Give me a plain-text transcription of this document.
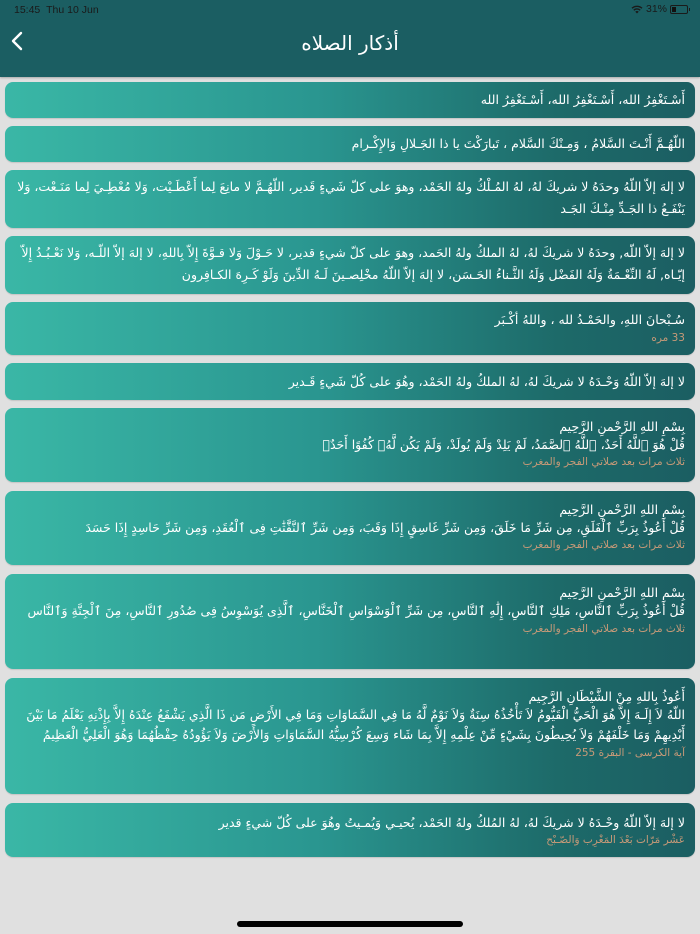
15:45 Thu 10 Jun	31%
أذكار الصلاه
أَسْـتَغْفِرُ الله، أَسْـتَغْفِرُ الله، أَسْـتَغْفِرُ الله
اللّهُـمَّ أَنْـتَ السَّلامُ ، وَمِـنْكَ السَّلام ، تَبارَكْتَ يا ذا الجَـلالِ وَالإِكْـرام
لا إلهَ إلاّ اللّهُ وحدَهُ لا شريكَ لهُ، لهُ المُـلْكُ ولهُ الحَمْد، وهوَ على كلّ شَيءٍ قَدير، اللّهُـمَّ لا مانِعَ لِما أَعْطَـيْت، وَلا مُعْطِـيَ لِما مَنَـعْت، وَلا يَنْفَـعُ ذا الجَـدِّ مِنْـكَ الجَـد
لا إلهَ إلاّ اللّه, وحدَهُ لا شريكَ لهُ، لهُ الملكُ ولهُ الحَمد، وهوَ على كلّ شيءٍ قدير، لا حَـوْلَ وَلا قـوَّةَ إِلاّ بِاللهِ، لا إلهَ إلاّ اللّـه، وَلا نَعْـبُـدُ إِلاّ إيّـاه, لَهُ النِّعْـمَةُ وَلَهُ الفَضْل وَلَهُ الثَّـناءُ الحَـسَن، لا إلهَ إلاّ اللّهُ مخْلِصـينَ لَـهُ الدِّينَ وَلَوْ كَـرِهَ الكـافِرون
سُـبْحانَ اللهِ، والحَمْـدُ لله ، واللهُ أكْـبَر
33 مره
لا إلهَ إلاّ اللّهُ وَحْـدَهُ لا شريكَ لهُ، لهُ الملكُ ولهُ الحَمْد، وهُوَ على كُلّ شَيءٍ قَـدير
بِسْمِ اللهِ الرَّحْمنِ الرَّحِيم
قُلْ هُوَ ٱللَّهُ أَحَدٌ، ٱللَّهُ ٱلصَّمَدُ، لَمْ يَلِدْ وَلَمْ يُولَدْ، وَلَمْ يَكُن لَّهُۥ كُفُوًا أَحَدٌۢ
ثلاث مرات بعد صلاتي الفجر والمغرب
بِسْمِ اللهِ الرَّحْمنِ الرَّحِيم
قُلْ أَعُوذُ بِرَبِّ ٱلْفَلَقِ، مِن شَرِّ مَا خَلَقَ، وَمِن شَرِّ غَاسِقٍ إِذَا وَقَبَ، وَمِن شَرِّ ٱلنَّفَّٰثَٰتِ فِى ٱلْعُقَدِ، وَمِن شَرِّ حَاسِدٍ إِذَا حَسَدَ
ثلاث مرات بعد صلاتي الفجر والمغرب
بِسْمِ اللهِ الرَّحْمنِ الرَّحِيم
قُلْ أَعُوذُ بِرَبِّ ٱلنَّاسِ، مَلِكِ ٱلنَّاسِ، إِلَٰهِ ٱلنَّاسِ، مِن شَرِّ ٱلْوَسْوَاسِ ٱلْخَنَّاسِ، ٱلَّذِى يُوَسْوِسُ فِى صُدُورِ ٱلنَّاسِ، مِنَ ٱلْجِنَّةِ وَٱلنَّاس
ثلاث مرات بعد صلاتي الفجر والمغرب
أَعُوذُ بِاللهِ مِنْ الشَّيْطَانِ الرَّجِيم
اللّهُ لاَ إِلَـهَ إِلاَّ هُوَ الْحَيُّ الْقَيُّومُ لاَ تَأْخُذُهُ سِنَةٌ وَلاَ نَوْمٌ لَّهُ مَا فِي السَّمَاوَاتِ وَمَا فِي الأَرْضِ مَن ذَا الَّذِي يَشْفَعُ عِنْدَهُ إِلاَّ بِإِذْنِهِ يَعْلَمُ مَا بَيْنَ أَيْدِيهِمْ وَمَا خَلْفَهُمْ وَلاَ يُحِيطُونَ بِشَيْءٍ مِّنْ عِلْمِهِ إِلاَّ بِمَا شَاء وَسِعَ كُرْسِيُّهُ السَّمَاوَاتِ وَالأَرْضَ وَلاَ يَؤُودُهُ حِفْظُهُمَا وَهُوَ الْعَلِيُّ الْعَظِيمُ
آية الكرسى - البقرة 255
لا إلهَ إلاّ اللّهُ وحْـدَهُ لا شريكَ لهُ، لهُ المُلكُ ولهُ الحَمْد، يُحيـي وَيُمـيتُ وهُوَ على كُلّ شيءٍ قدير
عَشْر مَرّات بَعْدَ المَغْرِب وَالصّـبْح
